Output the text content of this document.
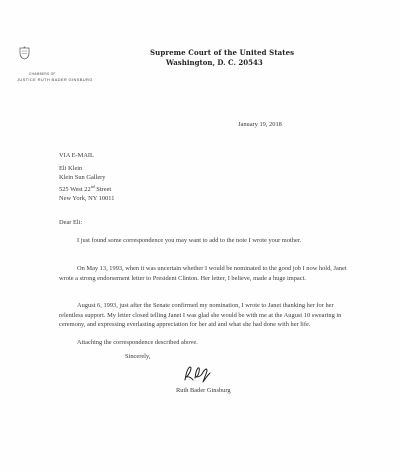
Supreme Court of the United States
Washington, D. C. 20543
CHAMBERS OF
JUSTICE RUTH BADER GINSBURG
January 19, 2018
VIA E-MAIL
Eli Klein
Klein Sun Gallery
525 West 22nd Street
New York, NY 10011
Dear Eli:
I just found some correspondence you may want to add to the note I wrote your mother.
On May 13, 1993, when it was uncertain whether I would be nominated to the good job I now hold, Janet wrote a strong endorsement letter to President Clinton. Her letter, I believe, made a huge impact.
August 6, 1993, just after the Senate confirmed my nomination, I wrote to Janet thanking her for her relentless support. My letter closed telling Janet I was glad she would be with me at the August 10 swearing in ceremony, and expressing everlasting appreciation for her aid and what she had done with her life.
Attaching the correspondence described above.
Sincerely,
Ruth Bader Ginsburg
